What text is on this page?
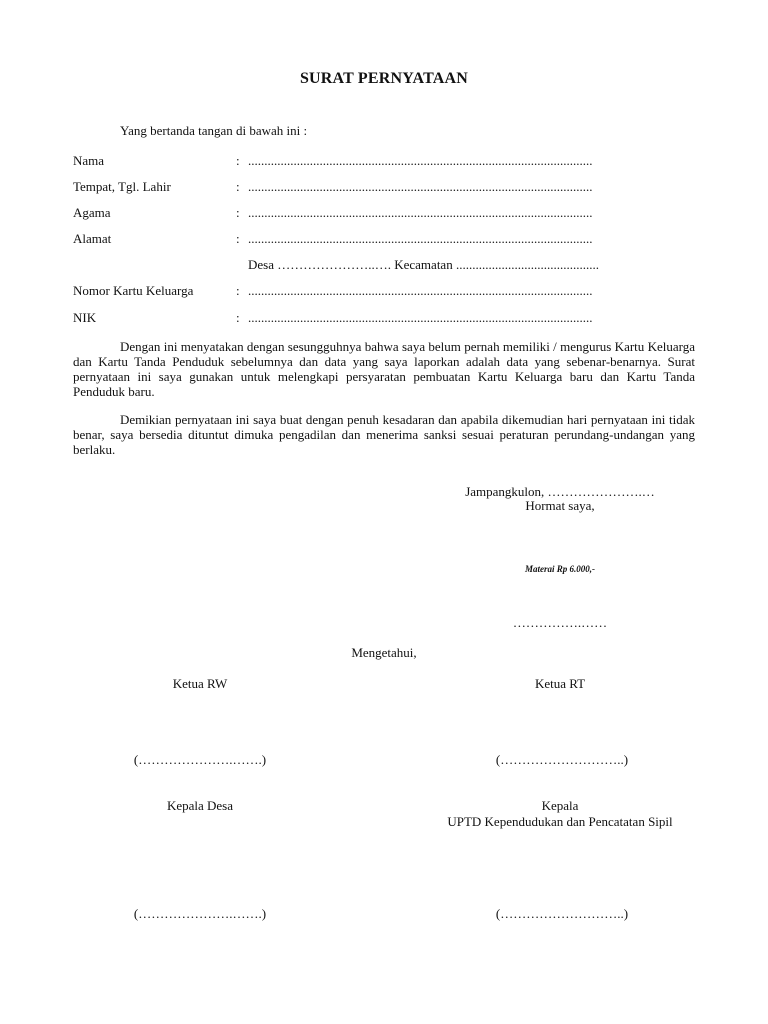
SURAT PERNYATAAN
Yang bertanda tangan di bawah ini :
Nama	: ..........................................................................................................
Tempat, Tgl. Lahir	: ..........................................................................................................
Agama	: ..........................................................................................................
Alamat	: ..........................................................................................................
Desa …………………..…. Kecamatan ............................................
Nomor Kartu Keluarga	: ..........................................................................................................
NIK	: ..........................................................................................................
Dengan ini menyatakan dengan sesungguhnya bahwa saya belum pernah memiliki / mengurus Kartu Keluarga dan Kartu Tanda Penduduk sebelumnya dan data yang saya laporkan adalah data yang sebenar-benarnya. Surat pernyataan ini saya gunakan untuk melengkapi persyaratan pembuatan Kartu Keluarga baru dan Kartu Tanda Penduduk baru.
Demikian pernyataan ini saya buat dengan penuh kesadaran dan apabila dikemudian hari pernyataan ini tidak benar, saya bersedia dituntut dimuka pengadilan dan menerima sanksi sesuai peraturan perundang-undangan yang berlaku.
Jampangkulon, ………………….…
Hormat saya,
Materai Rp 6.000,-
…………….……
Mengetahui,
Ketua RW	Ketua RT
(………………….…….)	(………………………..)
Kepala Desa	Kepala
UPTD Kependudukan dan Pencatatan Sipil
(………………….…….)	(………………………..)
